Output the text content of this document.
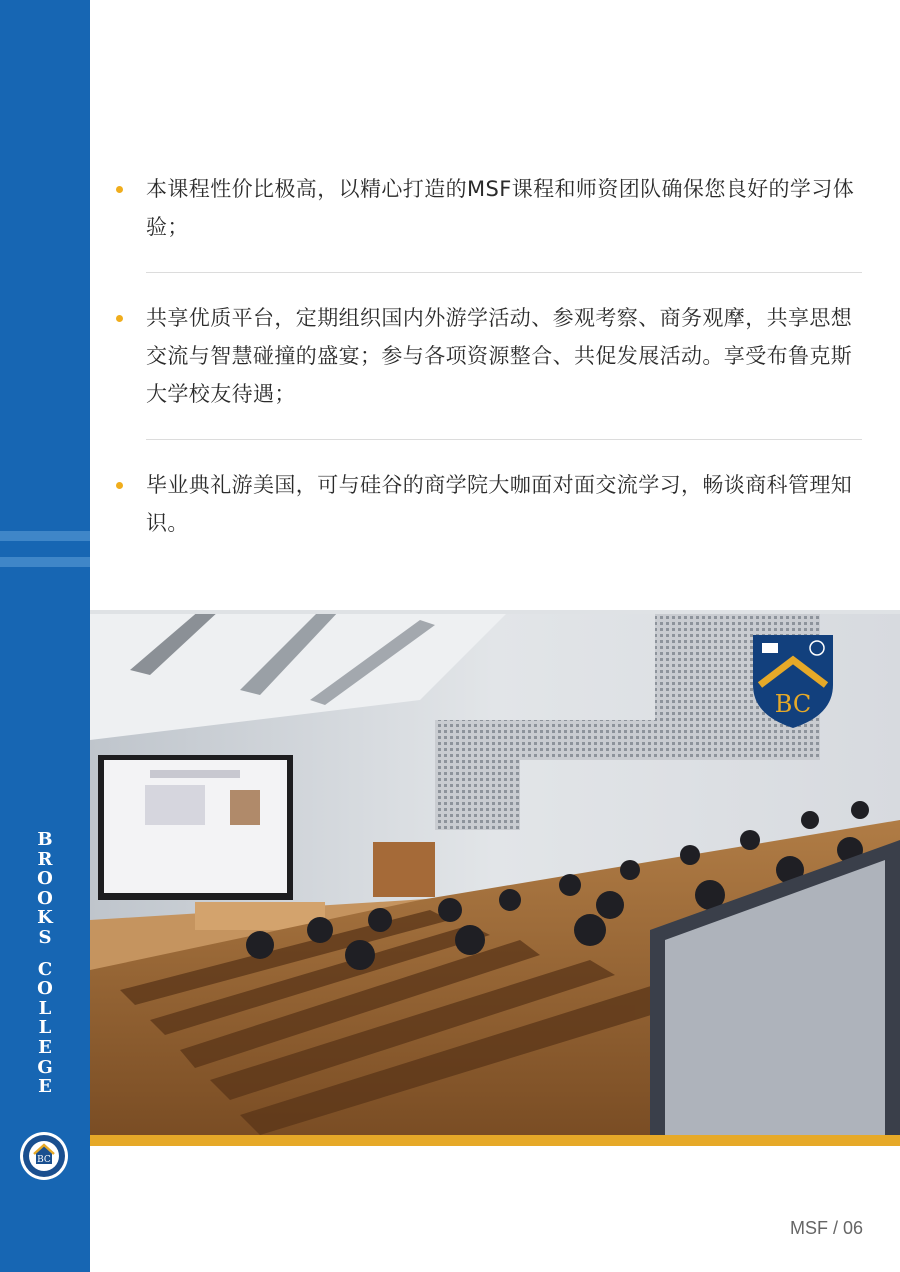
B
R
O
O
K
S
C
O
L
L
E
G
E
BC
本课程性价比极高，以精心打造的MSF课程和师资团队确保您良好的学习体验；
共享优质平台，定期组织国内外游学活动、参观考察、商务观摩，共享思想交流与智慧碰撞的盛宴；参与各项资源整合、共促发展活动。享受布鲁克斯大学校友待遇；
毕业典礼游美国，可与硅谷的商学院大咖面对面交流学习，畅谈商科管理知识。
BC
MSF / 06
